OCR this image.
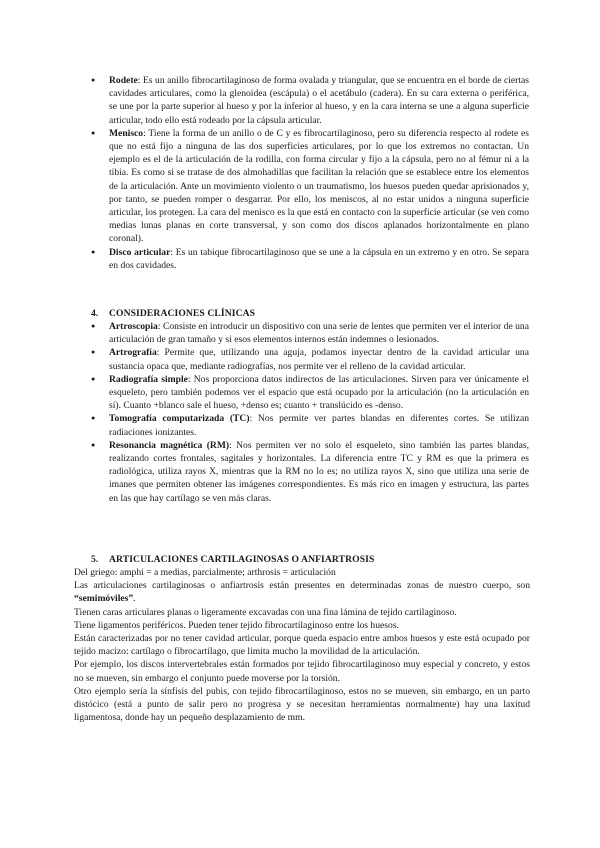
● Rodete: Es un anillo fibrocartilaginoso de forma ovalada y triangular, que se encuentra en el borde de ciertas cavidades articulares, como la glenoidea (escápula) o el acetábulo (cadera). En su cara externa o periférica, se une por la parte superior al hueso y por la inferior al hueso, y en la cara interna se une a alguna superficie articular, todo ello está rodeado por la cápsula articular.
● Menisco: Tiene la forma de un anillo o de C y es fibrocartilaginoso, pero su diferencia respecto al rodete es que no está fijo a ninguna de las dos superficies articulares, por lo que los extremos no contactan. Un ejemplo es el de la articulación de la rodilla, con forma circular y fijo a la cápsula, pero no al fémur ni a la tibia. Es como si se tratase de dos almohadillas que facilitan la relación que se establece entre los elementos de la articulación. Ante un movimiento violento o un traumatismo, los huesos pueden quedar aprisionados y, por tanto, se pueden romper o desgarrar. Por ello, los meniscos, al no estar unidos a ninguna superficie articular, los protegen. La cara del menisco es la que está en contacto con la superficie articular (se ven como medias lunas planas en corte transversal, y son como dos discos aplanados horizontalmente en plano coronal).
● Disco articular: Es un tabique fibrocartilaginoso que se une a la cápsula en un extremo y en otro. Se separa en dos cavidades.
4. CONSIDERACIONES CLÍNICAS
● Artroscopia: Consiste en introducir un dispositivo con una serie de lentes que permiten ver el interior de una articulación de gran tamaño y si esos elementos internos están indemnes o lesionados.
● Artrografía: Permite que, utilizando una aguja, podamos inyectar dentro de la cavidad articular una sustancia opaca que, mediante radiografías, nos permite ver el relleno de la cavidad articular.
● Radiografía simple: Nos proporciona datos indirectos de las articulaciones. Sirven para ver únicamente el esqueleto, pero también podemos ver el espacio que está ocupado por la articulación (no la articulación en sí). Cuanto +blanco sale el hueso, +denso es; cuanto + translúcido es -denso.
● Tomografía computarizada (TC): Nos permite ver partes blandas en diferentes cortes. Se utilizan radiaciones ionizantes.
● Resonancia magnética (RM): Nos permiten ver no solo el esqueleto, sino también las partes blandas, realizando cortes frontales, sagitales y horizontales. La diferencia entre TC y RM es que la primera es radiológica, utiliza rayos X, mientras que la RM no lo es; no utiliza rayos X, sino que utiliza una serie de imanes que permiten obtener las imágenes correspondientes. Es más rico en imagen y estructura, las partes en las que hay cartílago se ven más claras.
5. ARTICULACIONES CARTILAGINOSAS O ANFIARTROSIS

Del griego: amphi = a medias, parcialmente; arthrosis = articulación

Las articulaciones cartilaginosas o anfiartrosis están presentes en determinadas zonas de nuestro cuerpo, son “semimóviles”.

Tienen caras articulares planas o ligeramente excavadas con una fina lámina de tejido cartilaginoso.

Tiene ligamentos periféricos. Pueden tener tejido fibrocartilaginoso entre los huesos.

Están caracterizadas por no tener cavidad articular, porque queda espacio entre ambos huesos y este está ocupado por tejido macizo: cartílago o fibrocartílago, que limita mucho la movilidad de la articulación.

Por ejemplo, los discos intervertebrales están formados por tejido fibrocartilaginoso muy especial y concreto, y estos no se mueven, sin embargo el conjunto puede moverse por la torsión.

Otro ejemplo sería la sínfisis del pubis, con tejido fibrocartilaginoso, estos no se mueven, sin embargo, en un parto distócico (está a punto de salir pero no progresa y se necesitan herramientas normalmente) hay una laxitud ligamentosa, donde hay un pequeño desplazamiento de mm.
